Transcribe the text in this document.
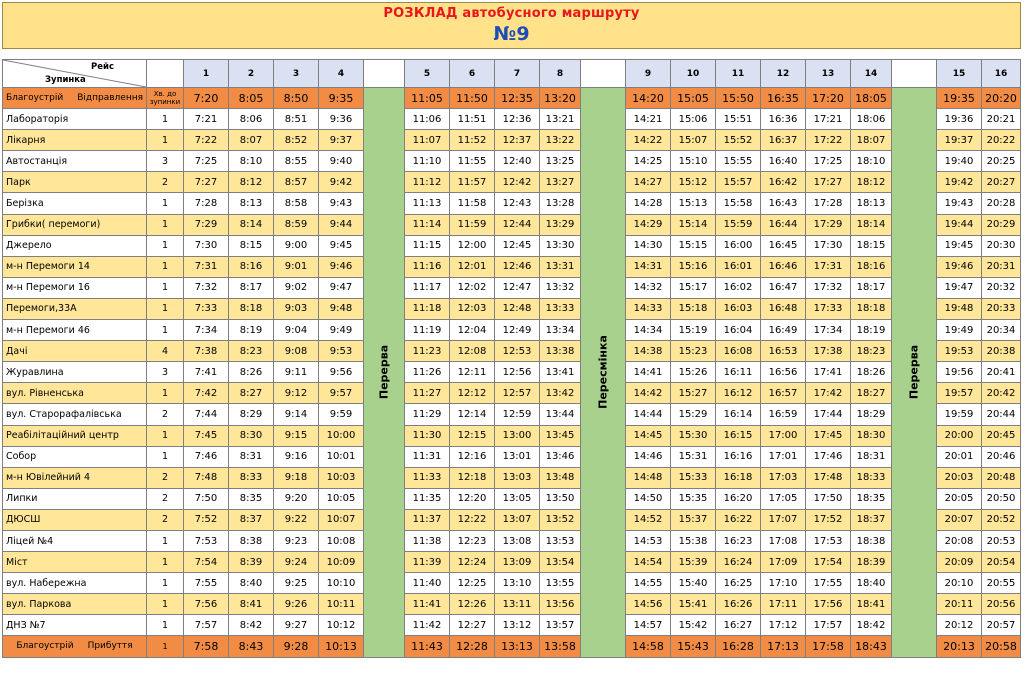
РОЗКЛАД автобусного маршруту
№9
Рейс
Зупинка		1	2	3	4		5	6	7	8		9	10	11	12	13	14		15	16
Благоустрій Відправлення	Хв. до
зупинки	7:20	8:05	8:50	9:35	Перерва	11:05	11:50	12:35	13:20	Пересмінка	14:20	15:05	15:50	16:35	17:20	18:05	Перерва	19:35	20:20
Лабораторія	1	7:21	8:06	8:51	9:36		11:06	11:51	12:36	13:21		14:21	15:06	15:51	16:36	17:21	18:06		19:36	20:21
Лікарня	1	7:22	8:07	8:52	9:37		11:07	11:52	12:37	13:22		14:22	15:07	15:52	16:37	17:22	18:07		19:37	20:22
Автостанція	3	7:25	8:10	8:55	9:40		11:10	11:55	12:40	13:25		14:25	15:10	15:55	16:40	17:25	18:10		19:40	20:25
Парк	2	7:27	8:12	8:57	9:42		11:12	11:57	12:42	13:27		14:27	15:12	15:57	16:42	17:27	18:12		19:42	20:27
Берізка	1	7:28	8:13	8:58	9:43		11:13	11:58	12:43	13:28		14:28	15:13	15:58	16:43	17:28	18:13		19:43	20:28
Грибки( перемоги)	1	7:29	8:14	8:59	9:44		11:14	11:59	12:44	13:29		14:29	15:14	15:59	16:44	17:29	18:14		19:44	20:29
Джерело	1	7:30	8:15	9:00	9:45		11:15	12:00	12:45	13:30		14:30	15:15	16:00	16:45	17:30	18:15		19:45	20:30
м-н Перемоги 14	1	7:31	8:16	9:01	9:46		11:16	12:01	12:46	13:31		14:31	15:16	16:01	16:46	17:31	18:16		19:46	20:31
м-н Перемоги 16	1	7:32	8:17	9:02	9:47		11:17	12:02	12:47	13:32		14:32	15:17	16:02	16:47	17:32	18:17		19:47	20:32
Перемоги,33А	1	7:33	8:18	9:03	9:48		11:18	12:03	12:48	13:33		14:33	15:18	16:03	16:48	17:33	18:18		19:48	20:33
м-н Перемоги 46	1	7:34	8:19	9:04	9:49		11:19	12:04	12:49	13:34		14:34	15:19	16:04	16:49	17:34	18:19		19:49	20:34
Дачі	4	7:38	8:23	9:08	9:53		11:23	12:08	12:53	13:38		14:38	15:23	16:08	16:53	17:38	18:23		19:53	20:38
Журавлина	3	7:41	8:26	9:11	9:56		11:26	12:11	12:56	13:41		14:41	15:26	16:11	16:56	17:41	18:26		19:56	20:41
вул. Рівненська	1	7:42	8:27	9:12	9:57		11:27	12:12	12:57	13:42		14:42	15:27	16:12	16:57	17:42	18:27		19:57	20:42
вул. Старорафалівська	2	7:44	8:29	9:14	9:59		11:29	12:14	12:59	13:44		14:44	15:29	16:14	16:59	17:44	18:29		19:59	20:44
Реабілітаційний центр	1	7:45	8:30	9:15	10:00		11:30	12:15	13:00	13:45		14:45	15:30	16:15	17:00	17:45	18:30		20:00	20:45
Собор	1	7:46	8:31	9:16	10:01		11:31	12:16	13:01	13:46		14:46	15:31	16:16	17:01	17:46	18:31		20:01	20:46
м-н Ювілейний 4	2	7:48	8:33	9:18	10:03		11:33	12:18	13:03	13:48		14:48	15:33	16:18	17:03	17:48	18:33		20:03	20:48
Липки	2	7:50	8:35	9:20	10:05		11:35	12:20	13:05	13:50		14:50	15:35	16:20	17:05	17:50	18:35		20:05	20:50
ДЮСШ	2	7:52	8:37	9:22	10:07		11:37	12:22	13:07	13:52		14:52	15:37	16:22	17:07	17:52	18:37		20:07	20:52
Ліцей №4	1	7:53	8:38	9:23	10:08		11:38	12:23	13:08	13:53		14:53	15:38	16:23	17:08	17:53	18:38		20:08	20:53
Міст	1	7:54	8:39	9:24	10:09		11:39	12:24	13:09	13:54		14:54	15:39	16:24	17:09	17:54	18:39		20:09	20:54
вул. Набережна	1	7:55	8:40	9:25	10:10		11:40	12:25	13:10	13:55		14:55	15:40	16:25	17:10	17:55	18:40		20:10	20:55
вул. Паркова	1	7:56	8:41	9:26	10:11		11:41	12:26	13:11	13:56		14:56	15:41	16:26	17:11	17:56	18:41		20:11	20:56
ДНЗ №7	1	7:57	8:42	9:27	10:12		11:42	12:27	13:12	13:57		14:57	15:42	16:27	17:12	17:57	18:42		20:12	20:57
Благоустрій Прибуття	1	7:58	8:43	9:28	10:13		11:43	12:28	13:13	13:58		14:58	15:43	16:28	17:13	17:58	18:43		20:13	20:58
